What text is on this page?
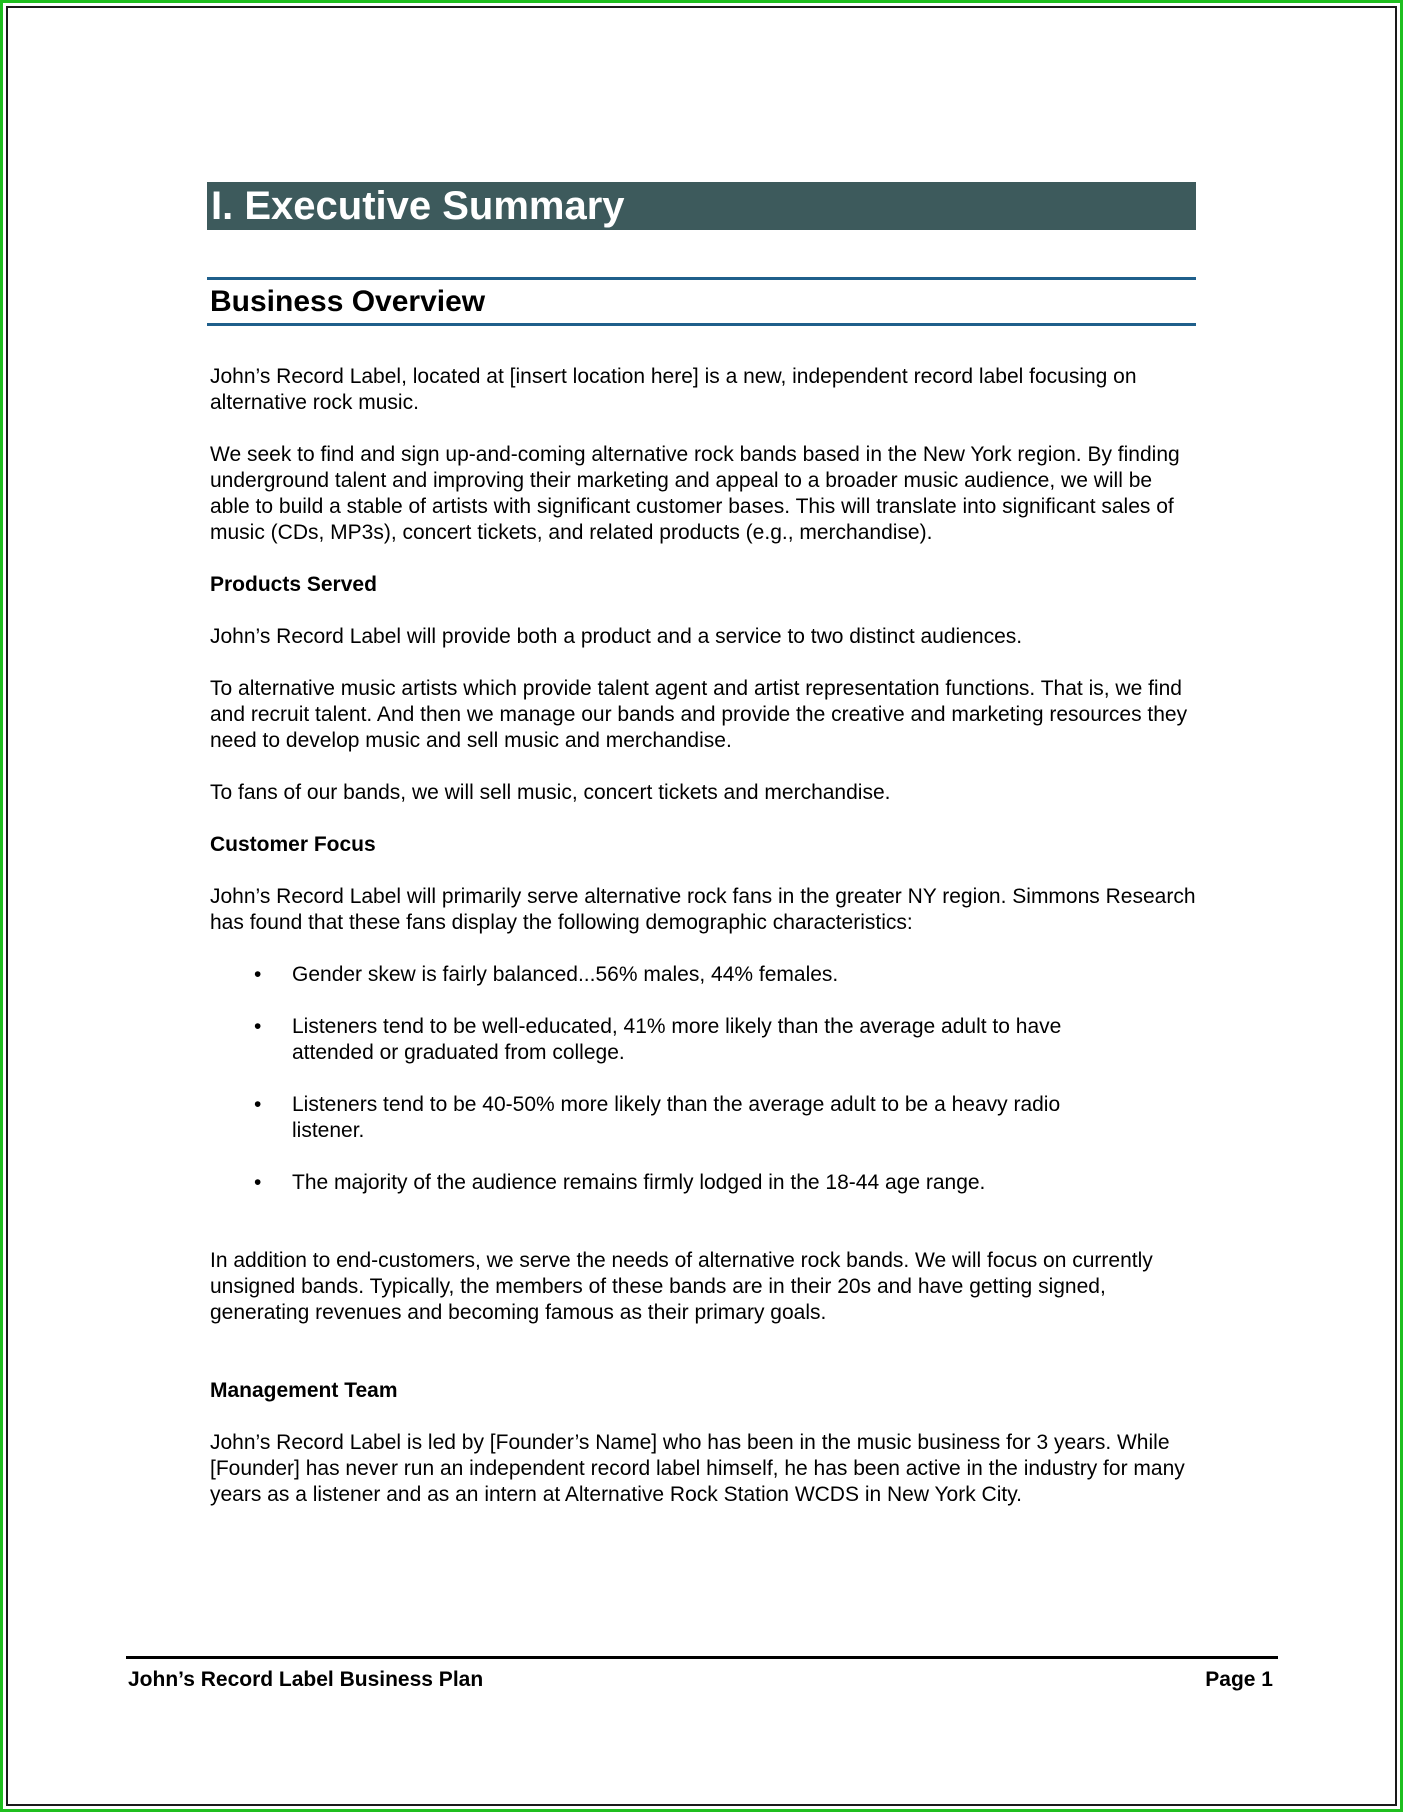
I. Executive Summary
Business Overview

John’s Record Label, located at [insert location here] is a new, independent record label focusing on alternative rock music.

We seek to find and sign up-and-coming alternative rock bands based in the New York region. By finding underground talent and improving their marketing and appeal to a broader music audience, we will be able to build a stable of artists with significant customer bases. This will translate into significant sales of music (CDs, MP3s), concert tickets, and related products (e.g., merchandise).

Products Served

John’s Record Label will provide both a product and a service to two distinct audiences.

To alternative music artists which provide talent agent and artist representation functions. That is, we find and recruit talent. And then we manage our bands and provide the creative and marketing resources they need to develop music and sell music and merchandise.

To fans of our bands, we will sell music, concert tickets and merchandise.

Customer Focus

John’s Record Label will primarily serve alternative rock fans in the greater NY region. Simmons Research has found that these fans display the following demographic characteristics:

• Gender skew is fairly balanced...56% males, 44% females.
• Listeners tend to be well-educated, 41% more likely than the average adult to have attended or graduated from college.
• Listeners tend to be 40-50% more likely than the average adult to be a heavy radio listener.
• The majority of the audience remains firmly lodged in the 18-44 age range.

In addition to end-customers, we serve the needs of alternative rock bands. We will focus on currently unsigned bands. Typically, the members of these bands are in their 20s and have getting signed, generating revenues and becoming famous as their primary goals.

Management Team

John’s Record Label is led by [Founder’s Name] who has been in the music business for 3 years. While [Founder] has never run an independent record label himself, he has been active in the industry for many years as a listener and as an intern at Alternative Rock Station WCDS in New York City.

John’s Record Label Business Plan	Page 1
